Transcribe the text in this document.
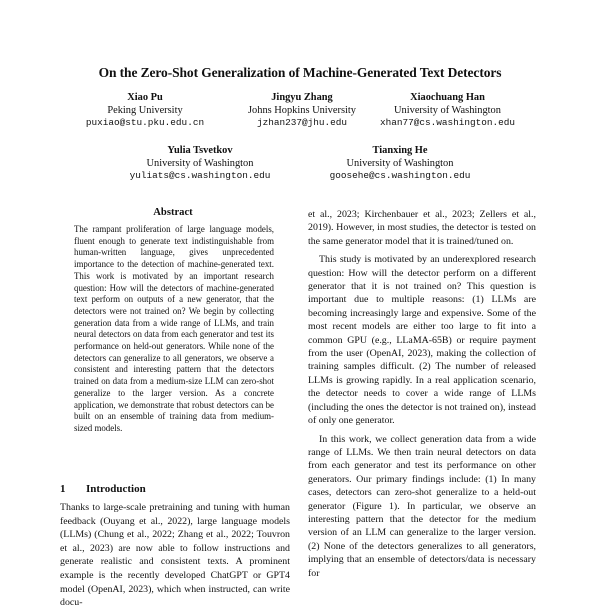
On the Zero-Shot Generalization of Machine-Generated Text Detectors
Xiao Pu
Peking University
puxiao@stu.pku.edu.cn
Jingyu Zhang
Johns Hopkins University
jzhan237@jhu.edu
Xiaochuang Han
University of Washington
xhan77@cs.washington.edu
Yulia Tsvetkov
University of Washington
yuliats@cs.washington.edu
Tianxing He
University of Washington
goosehe@cs.washington.edu
Abstract
The rampant proliferation of large language models, fluent enough to generate text indistinguishable from human-written language, gives unprecedented importance to the detection of machine-generated text. This work is motivated by an important research question: How will the detectors of machine-generated text perform on outputs of a new generator, that the detectors were not trained on? We begin by collecting generation data from a wide range of LLMs, and train neural detectors on data from each generator and test its performance on held-out generators. While none of the detectors can generalize to all generators, we observe a consistent and interesting pattern that the detectors trained on data from a medium-size LLM can zero-shot generalize to the larger version. As a concrete application, we demonstrate that robust detectors can be built on an ensemble of training data from medium-sized models.
1 Introduction

Thanks to large-scale pretraining and tuning with human feedback (Ouyang et al., 2022), large language models (LLMs) (Chung et al., 2022; Zhang et al., 2022; Touvron et al., 2023) are now able to follow instructions and generate realistic and consistent texts. A prominent example is the recently developed ChatGPT or GPT4 model (OpenAI, 2023), which when instructed, can write docu-

et al., 2023; Kirchenbauer et al., 2023; Zellers et al., 2019). However, in most studies, the detector is tested on the same generator model that it is trained/tuned on.

This study is motivated by an underexplored research question: How will the detector perform on a different generator that it is not trained on? This question is important due to multiple reasons: (1) LLMs are becoming increasingly large and expensive. Some of the most recent models are either too large to fit into a common GPU (e.g., LLaMA-65B) or require payment from the user (OpenAI, 2023), making the collection of training samples difficult. (2) The number of released LLMs is growing rapidly. In a real application scenario, the detector needs to cover a wide range of LLMs (including the ones the detector is not trained on), instead of only one generator.

In this work, we collect generation data from a wide range of LLMs. We then train neural detectors on data from each generator and test its performance on other generators. Our primary findings include: (1) In many cases, detectors can zero-shot generalize to a held-out generator (Figure 1). In particular, we observe an interesting pattern that the detector for the medium version of an LLM can generalize to the larger version. (2) None of the detectors generalizes to all generators, implying that an ensemble of detectors/data is necessary for
